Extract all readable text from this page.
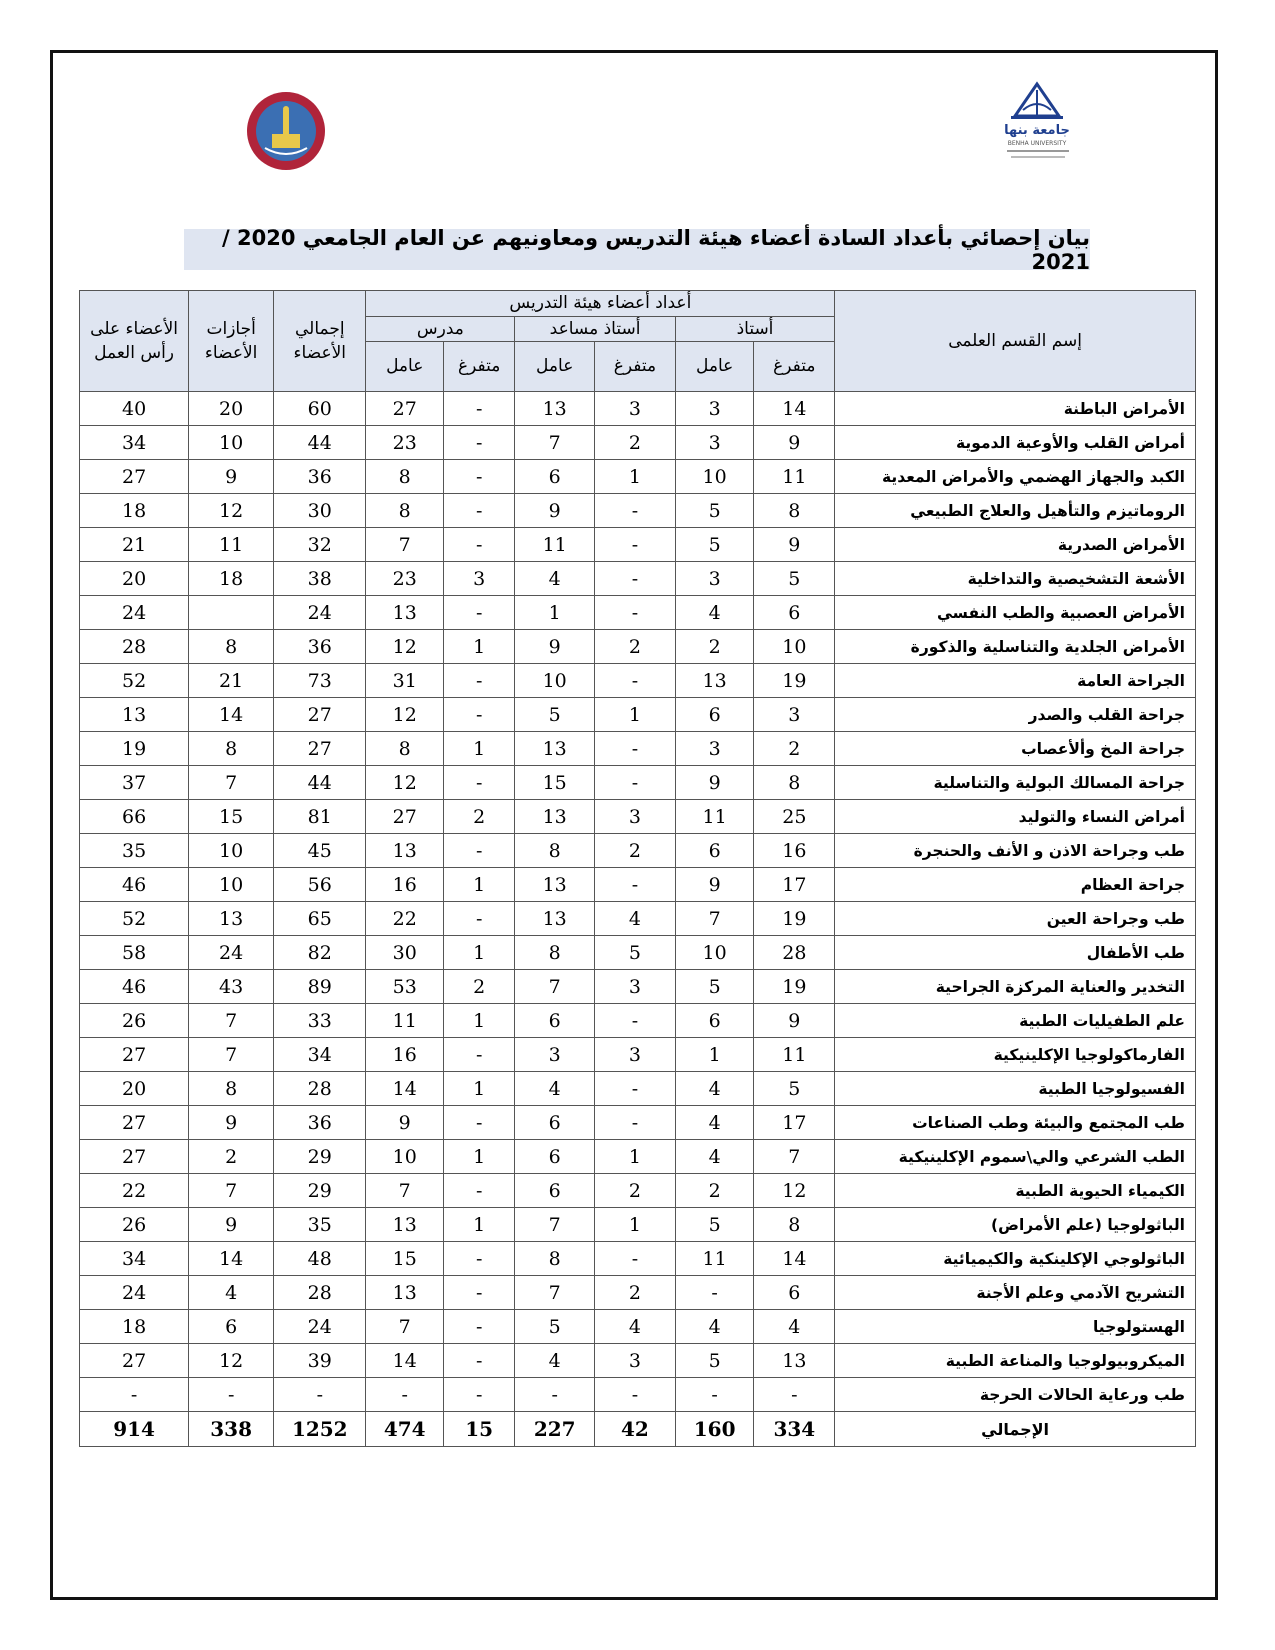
جامعة بنها
BENHA UNIVERSITY
بيان إحصائي بأعداد السادة أعضاء هيئة التدريس ومعاونيهم عن العام الجامعي 2020 / 2021
إسم القسم العلمى	أعداد أعضاء هيئة التدريس						إجمالي الأعضاء	أجازات الأعضاء	الأعضاء على رأس العمل
	أستاذ		أستاذ مساعد		مدرس				
	متفرغ	عامل	متفرغ	عامل	متفرغ	عامل			
الأمراض الباطنة	14	3	3	13	-	27	60	20	40
أمراض القلب والأوعية الدموية	9	3	2	7	-	23	44	10	34
الكبد والجهاز الهضمي والأمراض المعدية	11	10	1	6	-	8	36	9	27
الروماتيزم والتأهيل والعلاج الطبيعي	8	5	-	9	-	8	30	12	18
الأمراض الصدرية	9	5	-	11	-	7	32	11	21
الأشعة التشخيصية والتداخلية	5	3	-	4	3	23	38	18	20
الأمراض العصبية والطب النفسي	6	4	-	1	-	13	24		24
الأمراض الجلدية والتناسلية والذكورة	10	2	2	9	1	12	36	8	28
الجراحة العامة	19	13	-	10	-	31	73	21	52
جراحة القلب والصدر	3	6	1	5	-	12	27	14	13
جراحة المخ وألأعصاب	2	3	-	13	1	8	27	8	19
جراحة المسالك البولية والتناسلية	8	9	-	15	-	12	44	7	37
أمراض النساء والتوليد	25	11	3	13	2	27	81	15	66
طب وجراحة الاذن و الأنف والحنجرة	16	6	2	8	-	13	45	10	35
جراحة العظام	17	9	-	13	1	16	56	10	46
طب وجراحة العين	19	7	4	13	-	22	65	13	52
طب الأطفال	28	10	5	8	1	30	82	24	58
التخدير والعناية المركزة الجراحية	19	5	3	7	2	53	89	43	46
علم الطفيليات الطبية	9	6	-	6	1	11	33	7	26
الفارماكولوجيا الإكلينيكية	11	1	3	3	-	16	34	7	27
الفسيولوجيا الطبية	5	4	-	4	1	14	28	8	20
طب المجتمع والبيئة وطب الصناعات	17	4	-	6	-	9	36	9	27
الطب الشرعي والي\سموم الإكلينيكية	7	4	1	6	1	10	29	2	27
الكيمياء الحيوية الطبية	12	2	2	6	-	7	29	7	22
الباثولوجيا (علم الأمراض)	8	5	1	7	1	13	35	9	26
الباثولوجي الإكلينكية والكيميائية	14	11	-	8	-	15	48	14	34
التشريح الآدمي وعلم الأجنة	6	-	2	7	-	13	28	4	24
الهستولوجيا	4	4	4	5	-	7	24	6	18
الميكروبيولوجيا والمناعة الطبية	13	5	3	4	-	14	39	12	27
طب ورعاية الحالات الحرجة	-	-	-	-	-	-	-	-	-
الإجمالي	334	160	42	227	15	474	1252	338	914
